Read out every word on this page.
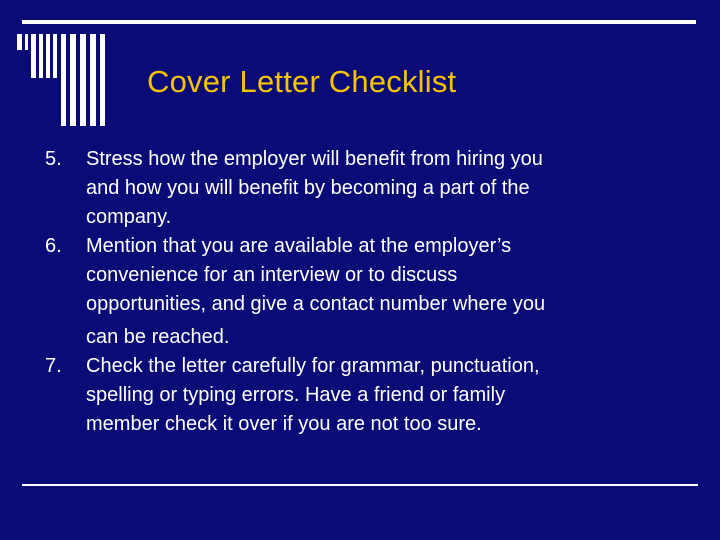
Cover Letter Checklist
5. Stress how the employer will benefit from hiring you
and how you will benefit by becoming a part of the
company.
6. Mention that you are available at the employer’s
convenience for an interview or to discuss
opportunities, and give a contact number where you
can be reached.
7. Check the letter carefully for grammar, punctuation,
spelling or typing errors. Have a friend or family
member check it over if you are not too sure.
